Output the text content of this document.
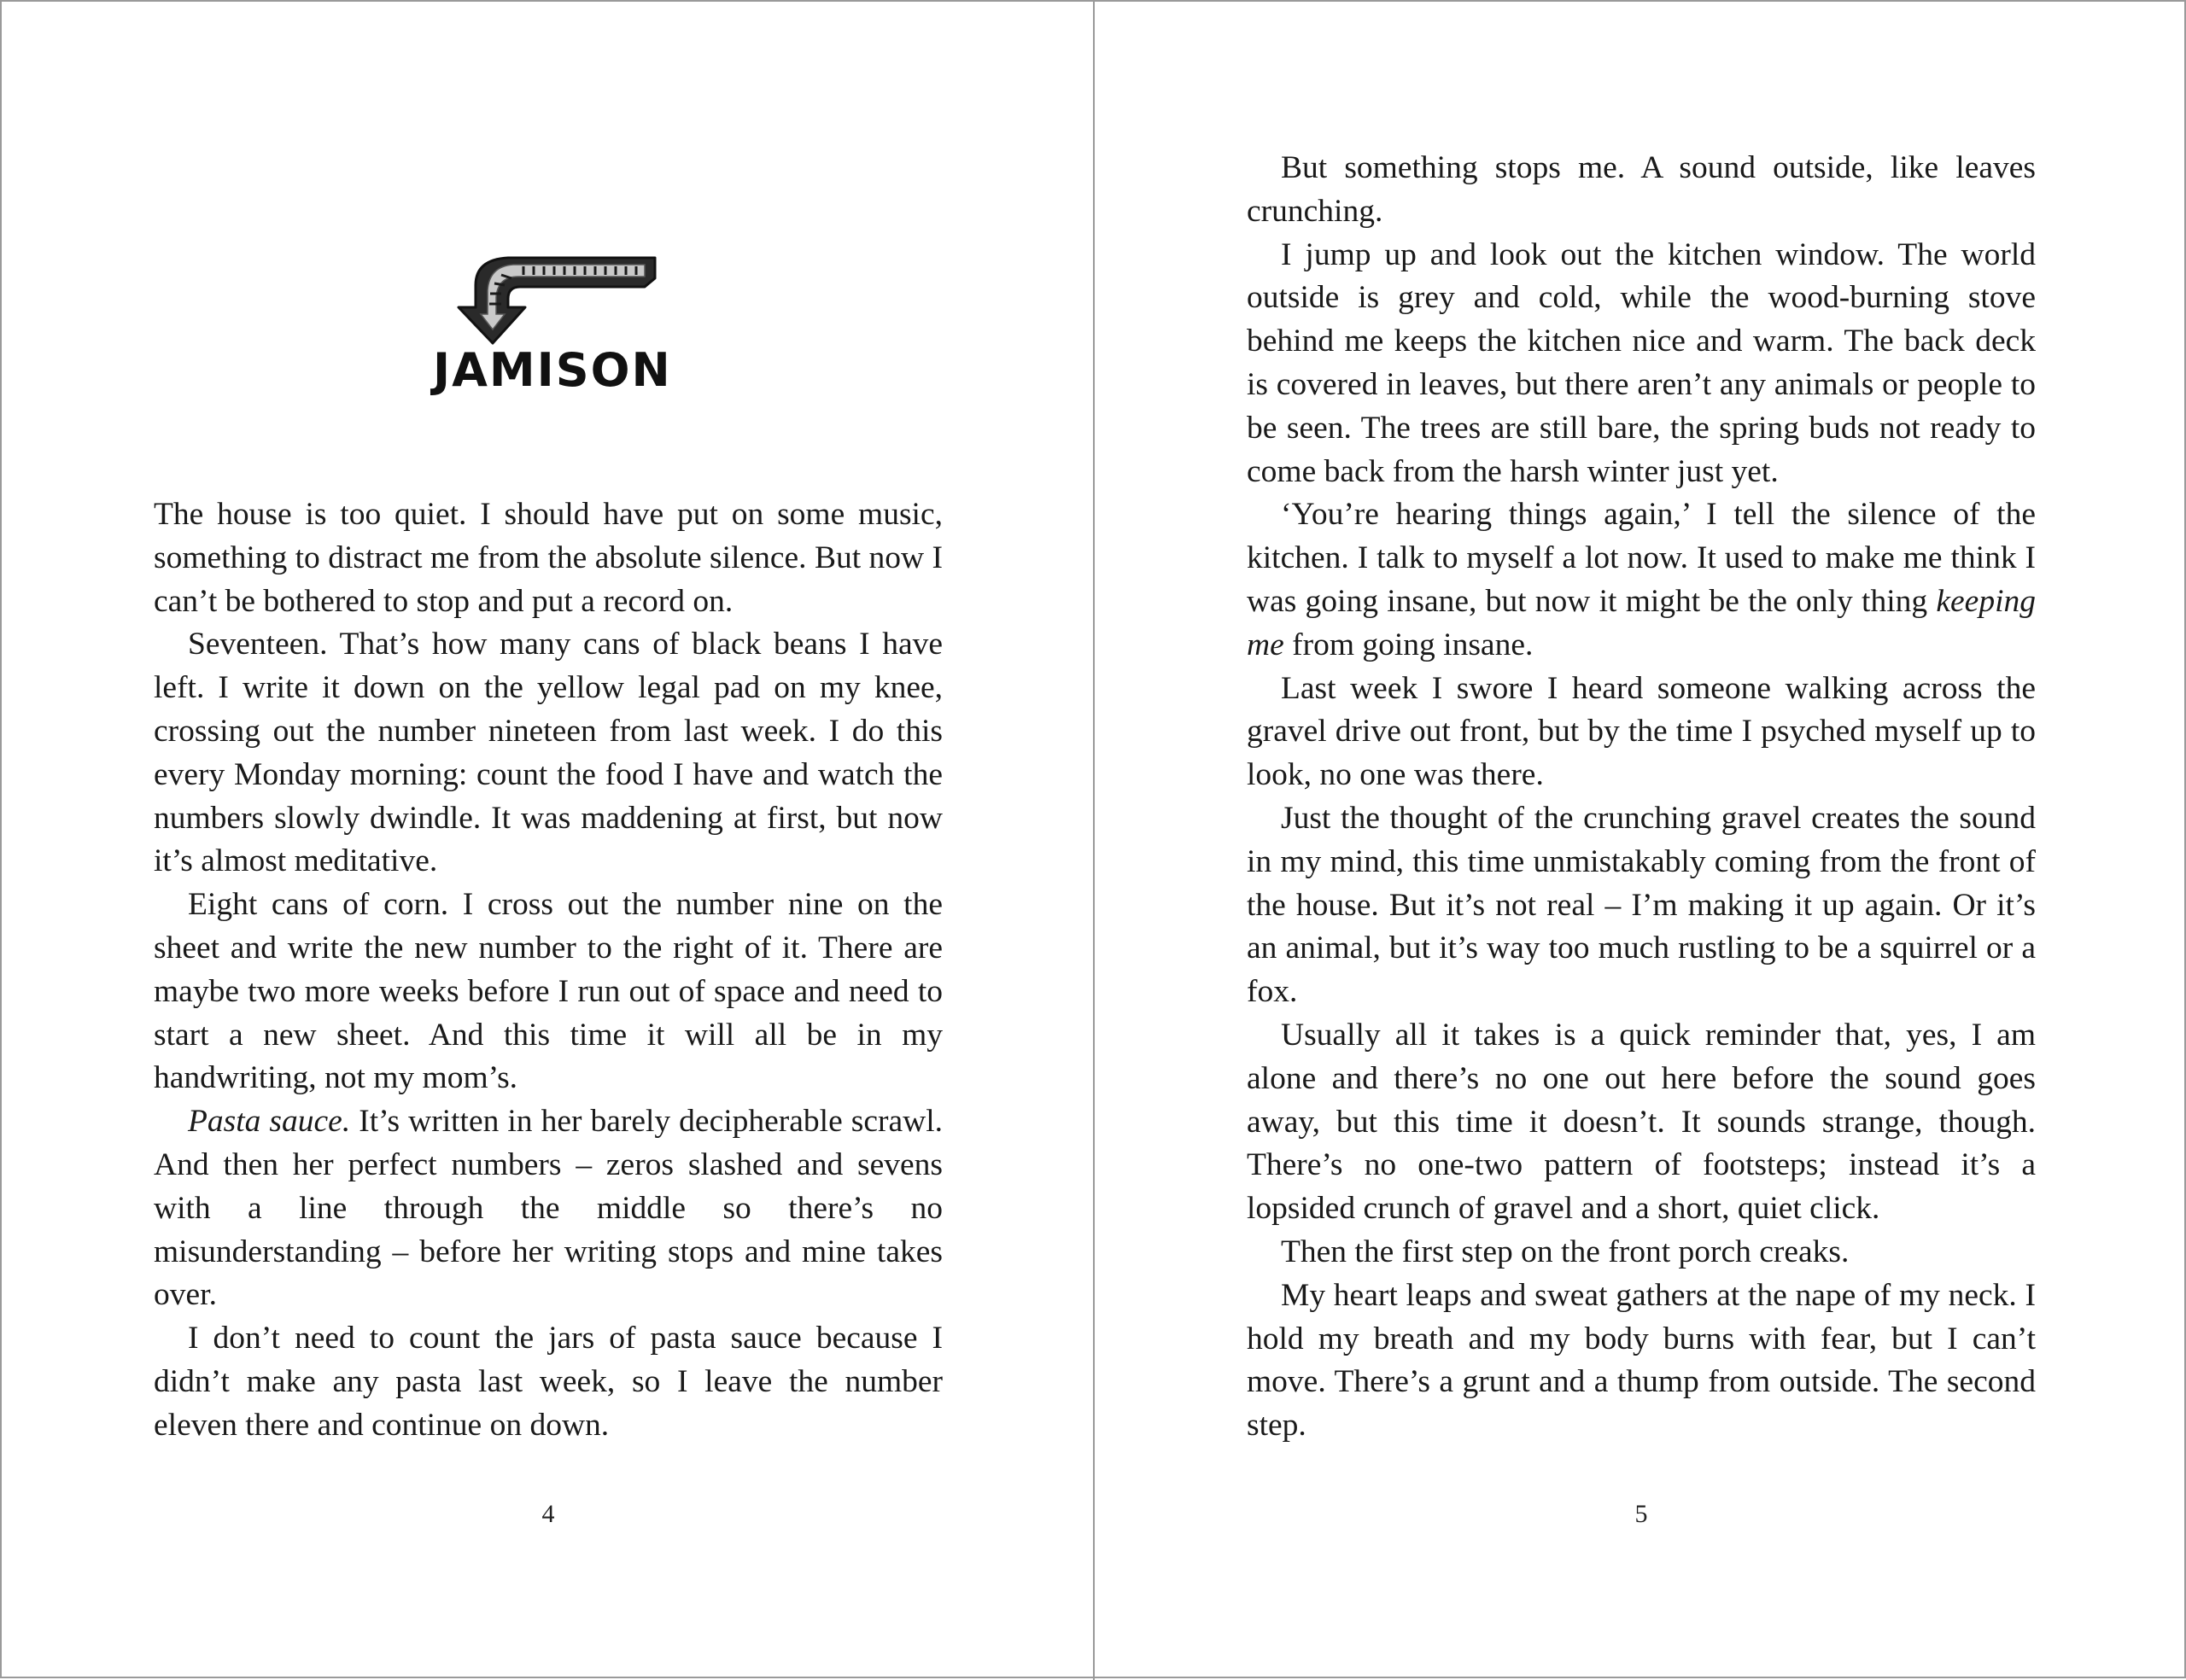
JAMISON

The house is too quiet. I should have put on some music, something to distract me from the absolute silence. But now I can’t be bothered to stop and put a record on.

Seventeen. That’s how many cans of black beans I have left. I write it down on the yellow legal pad on my knee, crossing out the number nineteen from last week. I do this every Monday morning: count the food I have and watch the numbers slowly dwindle. It was maddening at first, but now it’s almost meditative.

Eight cans of corn. I cross out the number nine on the sheet and write the new number to the right of it. There are maybe two more weeks before I run out of space and need to start a new sheet. And this time it will all be in my handwriting, not my mom’s.

Pasta sauce. It’s written in her barely decipherable scrawl. And then her perfect numbers – zeros slashed and sevens with a line through the middle so there’s no misunderstanding – before her writing stops and mine takes over.

I don’t need to count the jars of pasta sauce because I didn’t make any pasta last week, so I leave the number eleven there and continue on down.

4

But something stops me. A sound outside, like leaves crunching.

I jump up and look out the kitchen window. The world outside is grey and cold, while the wood-burning stove behind me keeps the kitchen nice and warm. The back deck is covered in leaves, but there aren’t any animals or people to be seen. The trees are still bare, the spring buds not ready to come back from the harsh winter just yet.

‘You’re hearing things again,’ I tell the silence of the kitchen. I talk to myself a lot now. It used to make me think I was going insane, but now it might be the only thing keeping me from going insane.

Last week I swore I heard someone walking across the gravel drive out front, but by the time I psyched myself up to look, no one was there.

Just the thought of the crunching gravel creates the sound in my mind, this time unmistakably coming from the front of the house. But it’s not real – I’m making it up again. Or it’s an animal, but it’s way too much rustling to be a squirrel or a fox.

Usually all it takes is a quick reminder that, yes, I am alone and there’s no one out here before the sound goes away, but this time it doesn’t. It sounds strange, though. There’s no one-two pattern of footsteps; instead it’s a lopsided crunch of gravel and a short, quiet click.

Then the first step on the front porch creaks.

My heart leaps and sweat gathers at the nape of my neck. I hold my breath and my body burns with fear, but I can’t move. There’s a grunt and a thump from outside. The second step.

5
